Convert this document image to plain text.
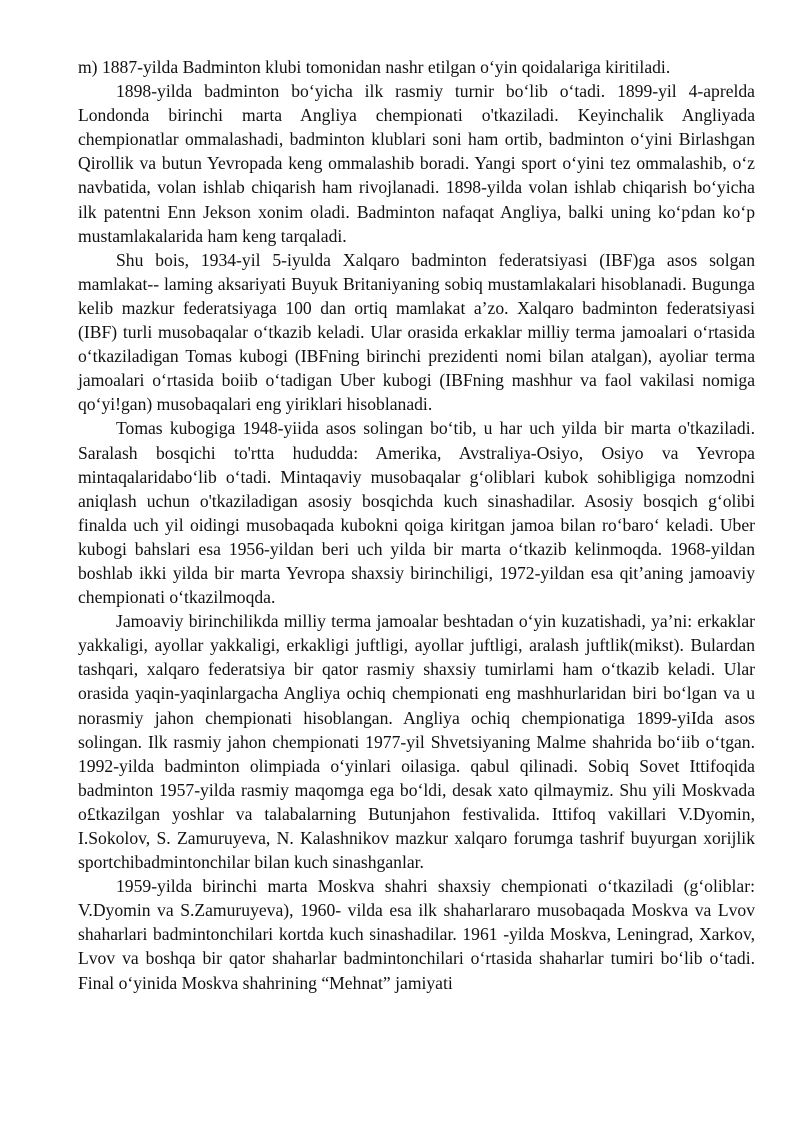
m) 1887-yilda Badminton klubi tomonidan nashr etilgan o‘yin qoidalariga kiritiladi.

1898-yilda badminton bo‘yicha ilk rasmiy turnir bo‘lib o‘tadi. 1899-yil 4-aprelda Londonda birinchi marta Angliya chempionati o'tkaziladi. Keyinchalik Angliyada chempionatlar ommalashadi, badminton klublari soni ham ortib, badminton o‘yini Birlashgan Qirollik va butun Yevropada keng ommalashib boradi. Yangi sport o‘yini tez ommalashib, o‘z navbatida, volan ishlab chiqarish ham rivojlanadi. 1898-yilda volan ishlab chiqarish bo‘yicha ilk patentni Enn Jekson xonim oladi. Badminton nafaqat Angliya, balki uning ko‘pdan ko‘p mustamlakalarida ham keng tarqaladi.

Shu bois, 1934-yil 5-iyulda Xalqaro badminton federatsiyasi (IBF)ga asos solgan mamlakat-- laming aksariyati Buyuk Britaniyaning sobiq mustamlakalari hisoblanadi. Bugunga kelib mazkur federatsiyaga 100 dan ortiq mamlakat a’zo. Xalqaro badminton federatsiyasi (IBF) turli musobaqalar o‘tkazib keladi. Ular orasida erkaklar milliy terma jamoalari o‘rtasida o‘tkaziladigan Tomas kubogi (IBFning birinchi prezidenti nomi bilan atalgan), ayoliar terma jamoalari o‘rtasida boiib o‘tadigan Uber kubogi (IBFning mashhur va faol vakilasi nomiga qo‘yi!gan) musobaqalari eng yiriklari hisoblanadi.

Tomas kubogiga 1948-yiida asos solingan bo‘tib, u har uch yilda bir marta o'tkaziladi. Saralash bosqichi to'rtta hududda: Amerika, Avstraliya-Osiyo, Osiyo va Yevropa mintaqalaridabo‘lib o‘tadi. Mintaqaviy musobaqalar g‘oliblari kubok sohibligiga nomzodni aniqlash uchun o'tkaziladigan asosiy bosqichda kuch sinashadilar. Asosiy bosqich g‘olibi finalda uch yil oidingi musobaqada kubokni qoiga kiritgan jamoa bilan ro‘baro‘ keladi. Uber kubogi bahslari esa 1956-yildan beri uch yilda bir marta o‘tkazib kelinmoqda. 1968-yildan boshlab ikki yilda bir marta Yevropa shaxsiy birinchiligi, 1972-yildan esa qit’aning jamoaviy chempionati o‘tkazilmoqda.

Jamoaviy birinchilikda milliy terma jamoalar beshtadan o‘yin kuzatishadi, ya’ni: erkaklar yakkaligi, ayollar yakkaligi, erkakligi juftligi, ayollar juftligi, aralash juftlik(mikst). Bulardan tashqari, xalqaro federatsiya bir qator rasmiy shaxsiy tumirlami ham o‘tkazib keladi. Ular orasida yaqin-yaqinlargacha Angliya ochiq chempionati eng mashhurlaridan biri bo‘lgan va u norasmiy jahon chempionati hisoblangan. Angliya ochiq chempionatiga 1899-yiIda asos solingan. Ilk rasmiy jahon chempionati 1977-yil Shvetsiyaning Malme shahrida bo‘iib o‘tgan. 1992-yilda badminton olimpiada o‘yinlari oilasiga. qabul qilinadi. Sobiq Sovet Ittifoqida badminton 1957-yilda rasmiy maqomga ega bo‘ldi, desak xato qilmaymiz. Shu yili Moskvada o£tkazilgan yoshlar va talabalarning Butunjahon festivalida. Ittifoq vakillari V.Dyomin, I.Sokolov, S. Zamuruyeva, N. Kalashnikov mazkur xalqaro forumga tashrif buyurgan xorijlik sportchibadmintonchilar bilan kuch sinashganlar.

1959-yilda birinchi marta Moskva shahri shaxsiy chempionati o‘tkaziladi (g‘oliblar: V.Dyomin va S.Zamuruyeva), 1960- vilda esa ilk shaharlararo musobaqada Moskva va Lvov shaharlari badmintonchilari kortda kuch sinashadilar. 1961 -yilda Moskva, Leningrad, Xarkov, Lvov va boshqa bir qator shaharlar badmintonchilari o‘rtasida shaharlar tumiri bo‘lib o‘tadi. Final o‘yinida Moskva shahrining “Mehnat” jamiyati
